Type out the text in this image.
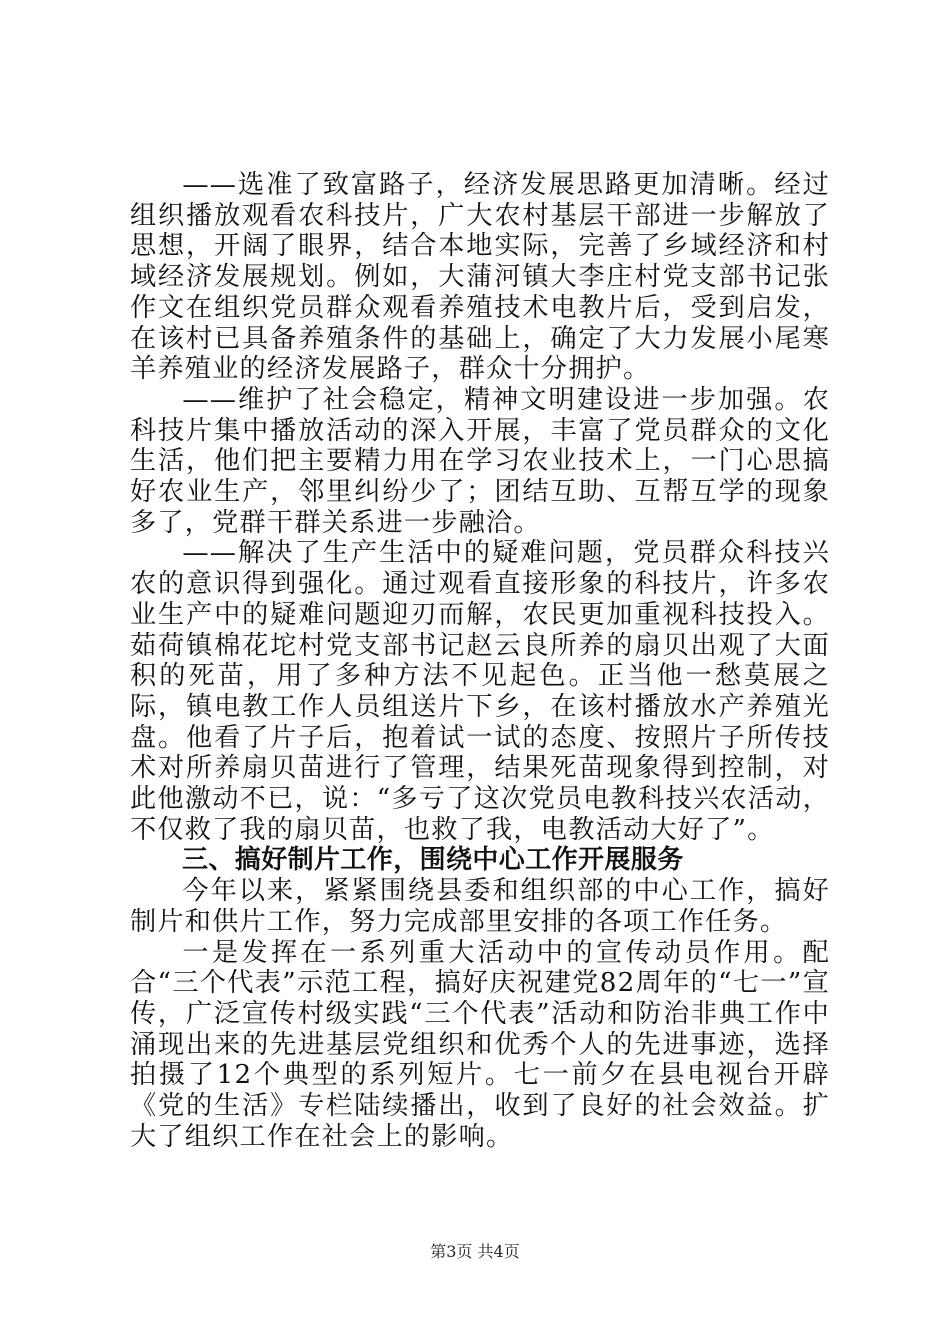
——选准了致富路子，经济发展思路更加清晰。经过组织播放观看农科技片，广大农村基层干部进一步解放了思想，开阔了眼界，结合本地实际，完善了乡域经济和村域经济发展规划。例如，大蒲河镇大李庄村党支部书记张作文在组织党员群众观看养殖技术电教片后，受到启发，在该村已具备养殖条件的基础上，确定了大力发展小尾寒羊养殖业的经济发展路子，群众十分拥护。

——维护了社会稳定，精神文明建设进一步加强。农科技片集中播放活动的深入开展，丰富了党员群众的文化生活，他们把主要精力用在学习农业技术上，一门心思搞好农业生产，邻里纠纷少了；团结互助、互帮互学的现象多了，党群干群关系进一步融洽。

——解决了生产生活中的疑难问题，党员群众科技兴农的意识得到强化。通过观看直接形象的科技片，许多农业生产中的疑难问题迎刃而解，农民更加重视科技投入。茹荷镇棉花坨村党支部书记赵云良所养的扇贝出观了大面积的死苗，用了多种方法不见起色。正当他一愁莫展之际，镇电教工作人员组送片下乡，在该村播放水产养殖光盘。他看了片子后，抱着试一试的态度、按照片子所传技术对所养扇贝苗进行了管理，结果死苗现象得到控制，对此他激动不已，说：“多亏了这次党员电教科技兴农活动，不仅救了我的扇贝苗，也救了我，电教活动大好了”。

三、搞好制片工作，围绕中心工作开展服务

今年以来，紧紧围绕县委和组织部的中心工作，搞好制片和供片工作，努力完成部里安排的各项工作任务。

一是发挥在一系列重大活动中的宣传动员作用。配合“三个代表”示范工程，搞好庆祝建党82周年的“七一”宣传，广泛宣传村级实践“三个代表”活动和防治非典工作中涌现出来的先进基层党组织和优秀个人的先进事迹，选择拍摄了12个典型的系列短片。七一前夕在县电视台开辟《党的生活》专栏陆续播出，收到了良好的社会效益。扩大了组织工作在社会上的影响。

第3页 共4页
